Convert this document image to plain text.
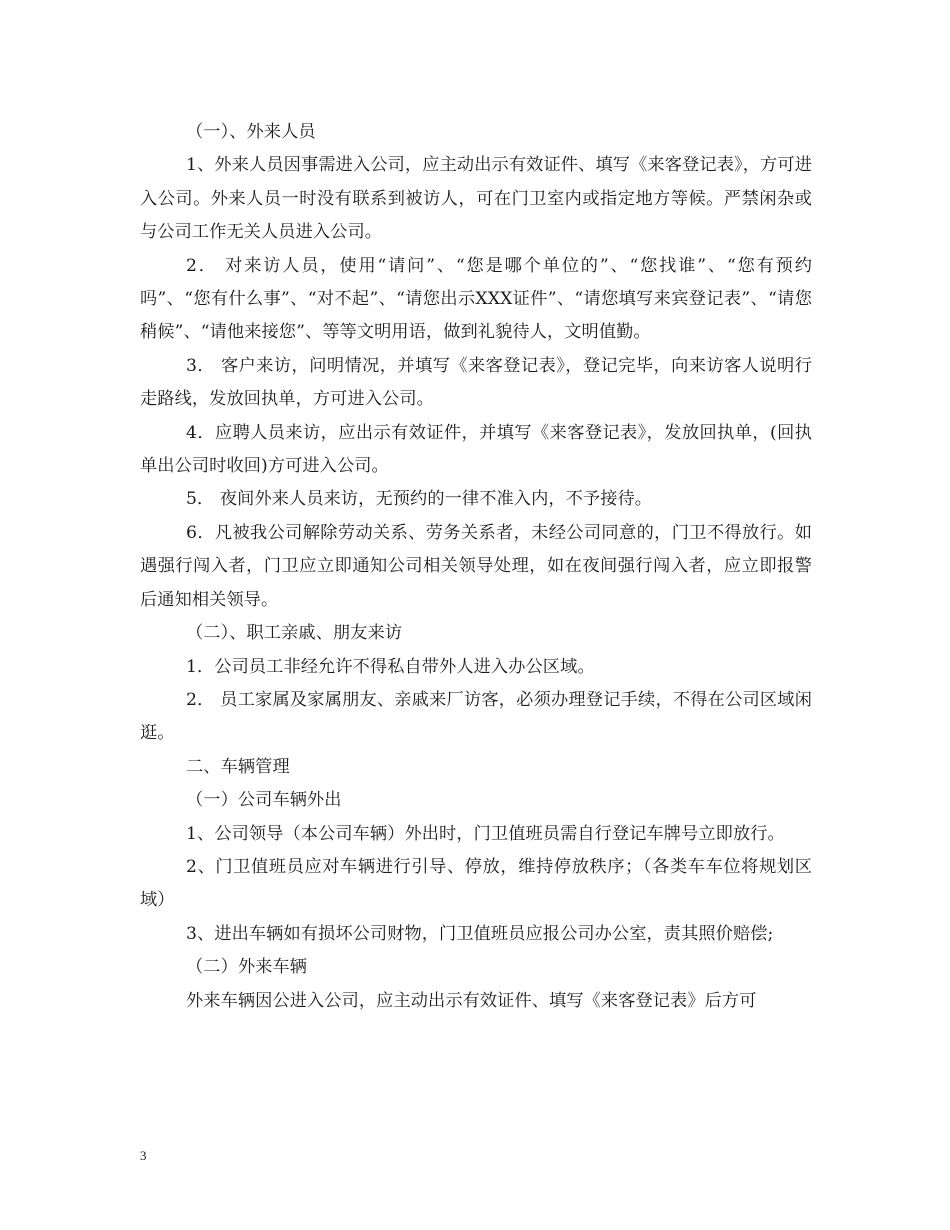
（一）、外来人员

1、外来人员因事需进入公司，应主动出示有效证件、填写《来客登记表》，方可进入公司。外来人员一时没有联系到被访人，可在门卫室内或指定地方等候。严禁闲杂或与公司工作无关人员进入公司。

2． 对来访人员，使用“请问”、“您是哪个单位的”、“您找谁”、“您有预约吗”、“您有什么事”、“对不起”、“请您出示XXX证件”、“请您填写来宾登记表”、“请您稍候”、“请他来接您”、等等文明用语，做到礼貌待人，文明值勤。

3． 客户来访，问明情况，并填写《来客登记表》，登记完毕，向来访客人说明行走路线，发放回执单，方可进入公司。

4．应聘人员来访，应出示有效证件，并填写《来客登记表》，发放回执单，(回执单出公司时收回)方可进入公司。

5． 夜间外来人员来访，无预约的一律不准入内，不予接待。

6．凡被我公司解除劳动关系、劳务关系者，未经公司同意的，门卫不得放行。如遇强行闯入者，门卫应立即通知公司相关领导处理，如在夜间强行闯入者，应立即报警后通知相关领导。

（二）、职工亲戚、朋友来访

1．公司员工非经允许不得私自带外人进入办公区域。

2． 员工家属及家属朋友、亲戚来厂访客，必须办理登记手续，不得在公司区域闲逛。

二、车辆管理

（一）公司车辆外出

1、公司领导（本公司车辆）外出时，门卫值班员需自行登记车牌号立即放行。

2、门卫值班员应对车辆进行引导、停放，维持停放秩序；（各类车车位将规划区域）

3、进出车辆如有损坏公司财物，门卫值班员应报公司办公室，责其照价赔偿;

（二）外来车辆

外来车辆因公进入公司，应主动出示有效证件、填写《来客登记表》后方可

3
